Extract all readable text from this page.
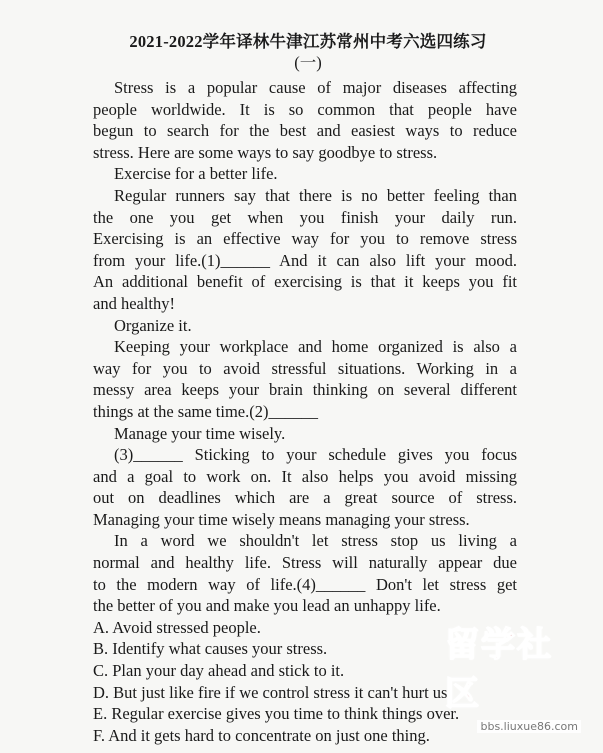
2021-2022学年译林牛津江苏常州中考六选四练习
(一)
Stress is a popular cause of major diseases affecting
people worldwide. It is so common that people have
begun to search for the best and easiest ways to reduce
stress. Here are some ways to say goodbye to stress.
Exercise for a better life.
Regular runners say that there is no better feeling than
the one you get when you finish your daily run.
Exercising is an effective way for you to remove stress
from your life.(1)______ And it can also lift your mood.
An additional benefit of exercising is that it keeps you fit
and healthy!
Organize it.
Keeping your workplace and home organized is also a
way for you to avoid stressful situations. Working in a
messy area keeps your brain thinking on several different
things at the same time.(2)______
Manage your time wisely.
(3)______ Sticking to your schedule gives you focus
and a goal to work on. It also helps you avoid missing
out on deadlines which are a great source of stress.
Managing your time wisely means managing your stress.
In a word we shouldn't let stress stop us living a
normal and healthy life. Stress will naturally appear due
to the modern way of life.(4)______ Don't let stress get
the better of you and make you lead an unhappy life.
A. Avoid stressed people.
B. Identify what causes your stress.
C. Plan your day ahead and stick to it.
D. But just like fire if we control stress it can't hurt us.
E. Regular exercise gives you time to think things over.
F. And it gets hard to concentrate on just one thing.
留学社区
bbs.liuxue86.com
